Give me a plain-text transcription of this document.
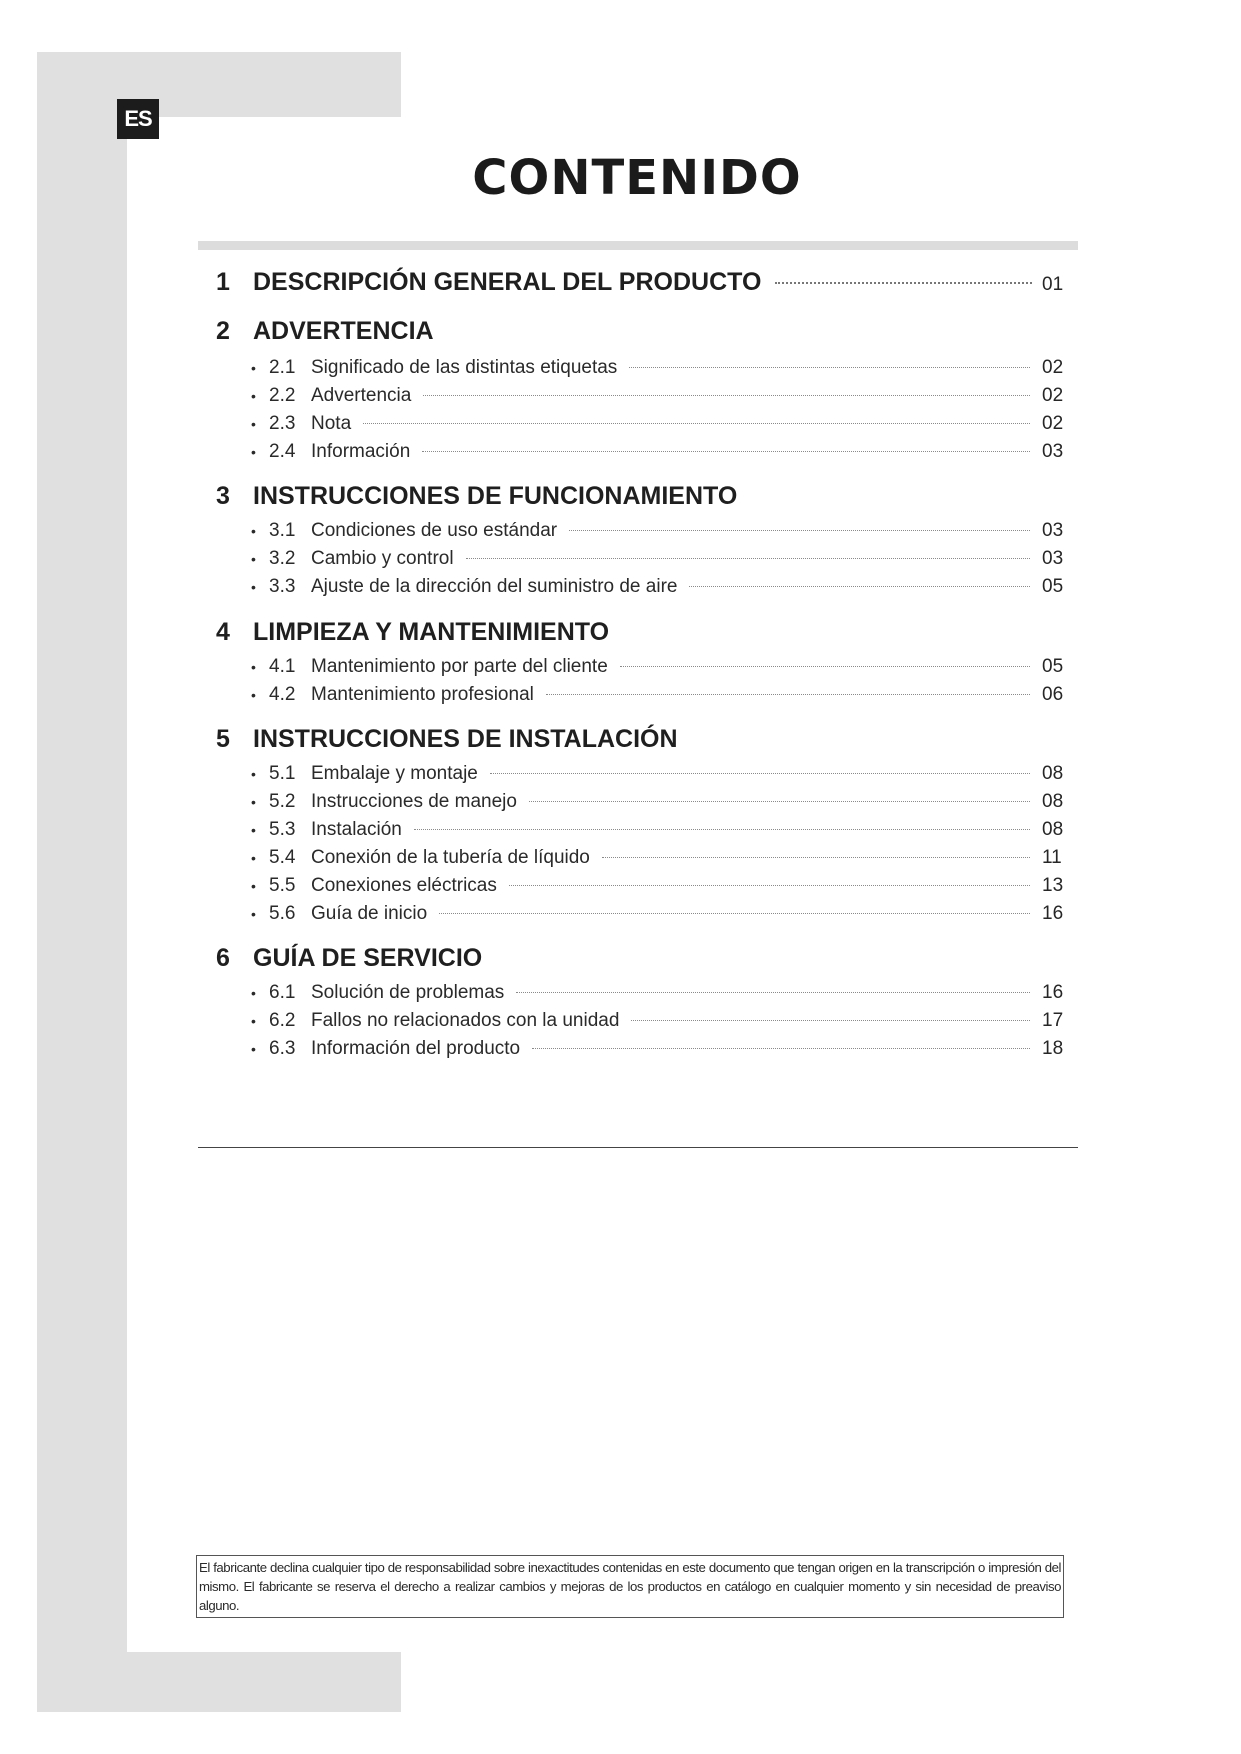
ES
CONTENIDO
1 DESCRIPCIÓN GENERAL DEL PRODUCTO	01
2 ADVERTENCIA
• 2.1 Significado de las distintas etiquetas	02
• 2.2 Advertencia	02
• 2.3 Nota	02
• 2.4 Información	03
3 INSTRUCCIONES DE FUNCIONAMIENTO
• 3.1 Condiciones de uso estándar	03
• 3.2 Cambio y control	03
• 3.3 Ajuste de la dirección del suministro de aire	05
4 LIMPIEZA Y MANTENIMIENTO
• 4.1 Mantenimiento por parte del cliente	05
• 4.2 Mantenimiento profesional	06
5 INSTRUCCIONES DE INSTALACIÓN
• 5.1 Embalaje y montaje	08
• 5.2 Instrucciones de manejo	08
• 5.3 Instalación	08
• 5.4 Conexión de la tubería de líquido	11
• 5.5 Conexiones eléctricas	13
• 5.6 Guía de inicio	16
6 GUÍA DE SERVICIO
• 6.1 Solución de problemas	16
• 6.2 Fallos no relacionados con la unidad	17
• 6.3 Información del producto	18
El fabricante declina cualquier tipo de responsabilidad sobre inexactitudes contenidas en este documento que tengan origen en la transcripción o impresión del mismo. El fabricante se reserva el derecho a realizar cambios y mejoras de los productos en catálogo en cualquier momento y sin necesidad de preaviso alguno.
